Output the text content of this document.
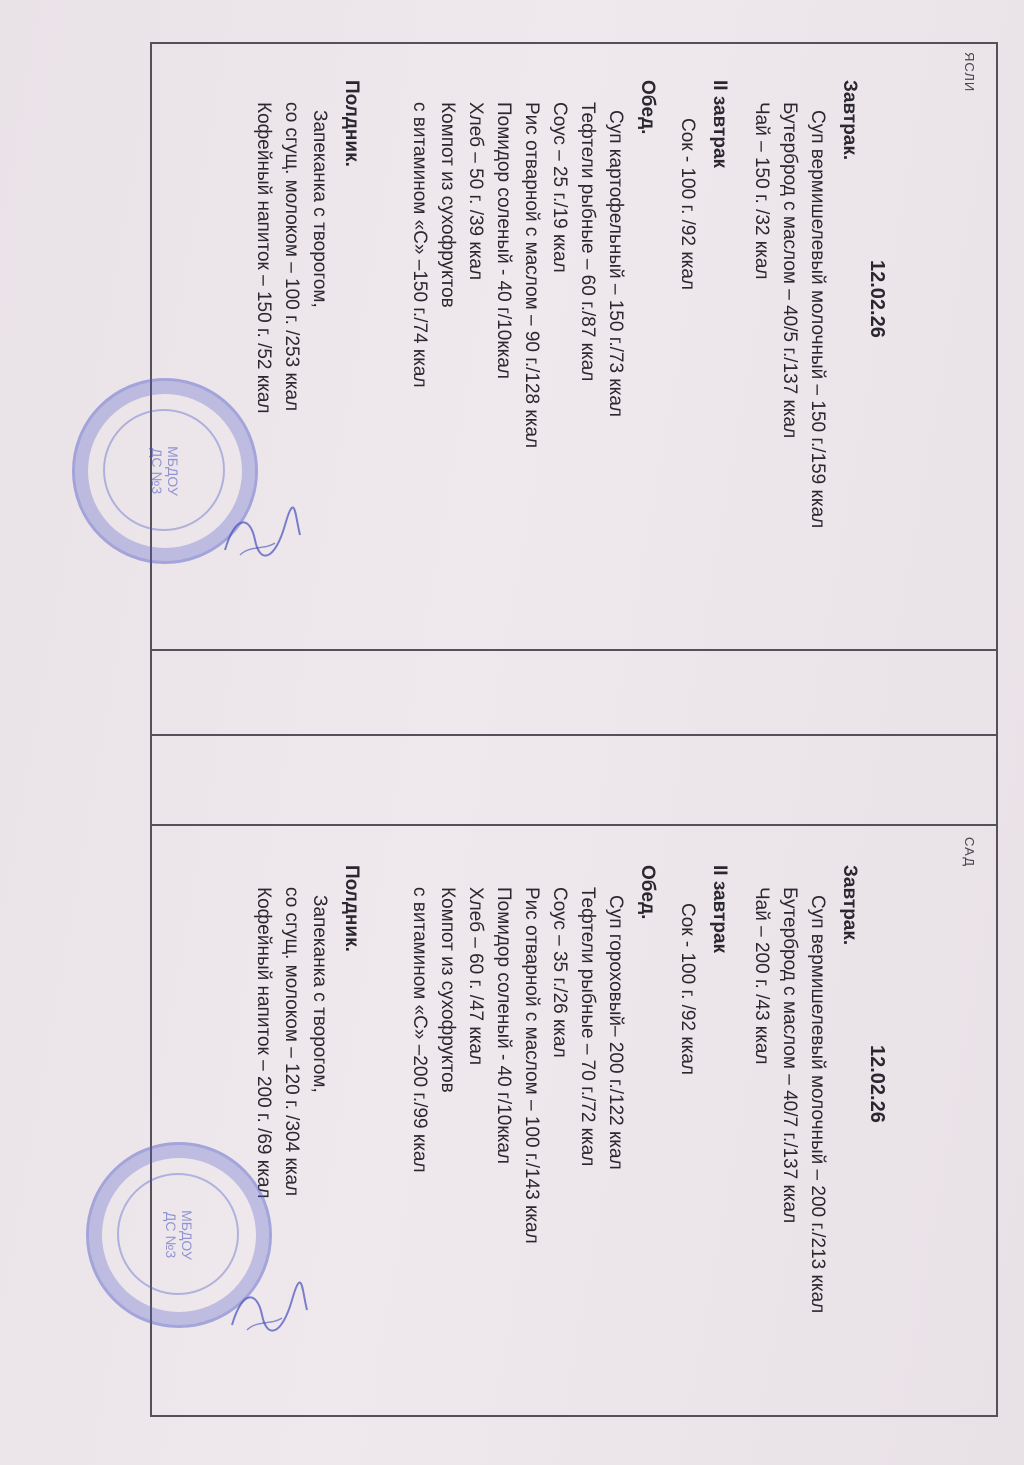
ЯСЛИ
12.02.26
Завтрак.
Суп вермишелевый молочный – 150 г./159 ккал
Бутерброд с маслом – 40/5 г./137 ккал
Чай – 150 г. /32 ккал
II завтрак
Сок - 100 г. /92 ккал
Обед.
Суп картофельный – 150 г./73 ккал
Тефтели рыбные – 60 г./87 ккал
Соус – 25 г./19 ккал
Рис отварной с маслом – 90 г./128 ккал
Помидор соленый - 40 г/10ккал
Хлеб – 50 г. /39 ккал
Компот из сухофруктов
с витамином «С» –150 г./74 ккал
Полдник.
Запеканка с творогом,
со сгущ. молоком – 100 г. /253 ккал
Кофейный напиток – 150 г. /52 ккал
САД
12.02.26
Завтрак.
Суп вермишелевый молочный – 200 г./213 ккал
Бутерброд с маслом – 40/7 г./137 ккал
Чай – 200 г. /43 ккал
II завтрак
Сок - 100 г. /92 ккал
Обед.
Суп гороховый– 200 г./122 ккал
Тефтели рыбные – 70 г./72 ккал
Соус – 35 г./26 ккал
Рис отварной с маслом – 100 г./143 ккал
Помидор соленый - 40 г/10ккал
Хлеб – 60 г. /47 ккал
Компот из сухофруктов
с витамином «С» –200 г./99 ккал
Полдник.
Запеканка с творогом,
со сгущ. молоком – 120 г. /304 ккал
Кофейный напиток – 200 г. /69 ккал
МБДОУ
ДС №3
МБДОУ
ДС №3
